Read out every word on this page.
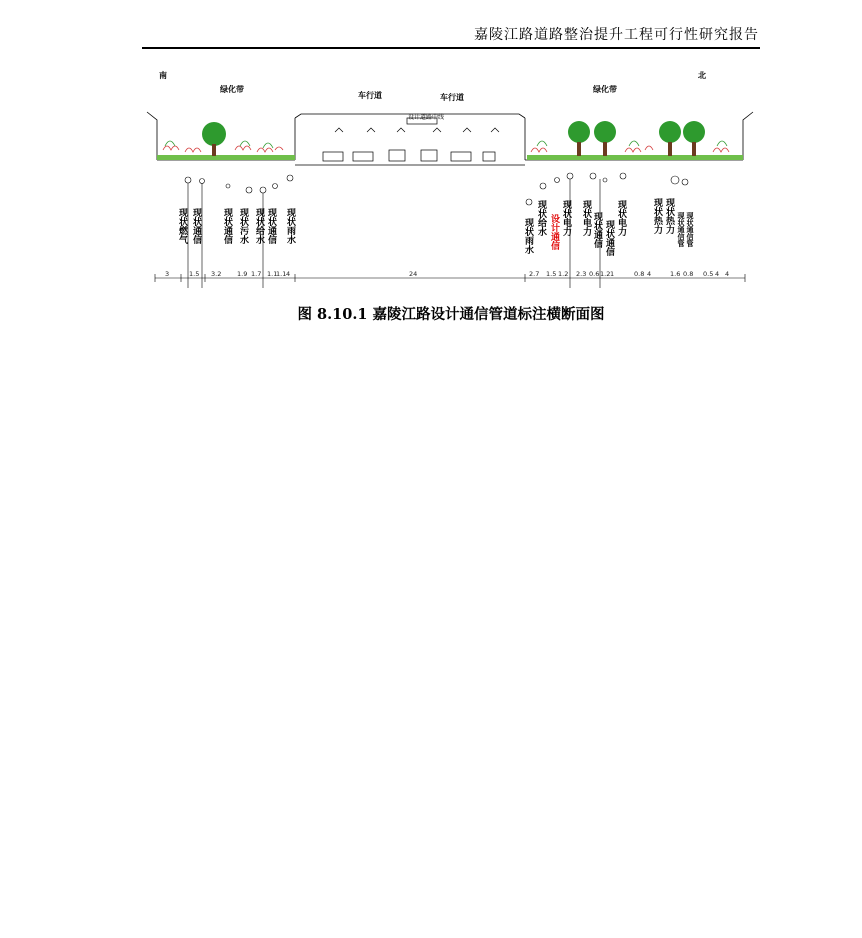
嘉陵江路道路整治提升工程可行性研究报告
南	北
绿化带
车行道	车行道
绿化带
设计道路中线
现状燃气 现状通信 现状通信 现状污水 现状给水 现状通信 现状雨水	现状雨水 现状给水 设计通信 现状电力 现状电力 现状通信 现状通信
现状电力	现状热力 现状热力 现状通信管 现状通信管
3	1.5 3.2 1.9 1.7 1.1
1.1 4	24	2.7 1.5 1.2 2.3 0.6 1.2 1	0.8 4	1.6 0.8 0.5 4 4
图 8.10.1 嘉陵江路设计通信管道标注横断面图
